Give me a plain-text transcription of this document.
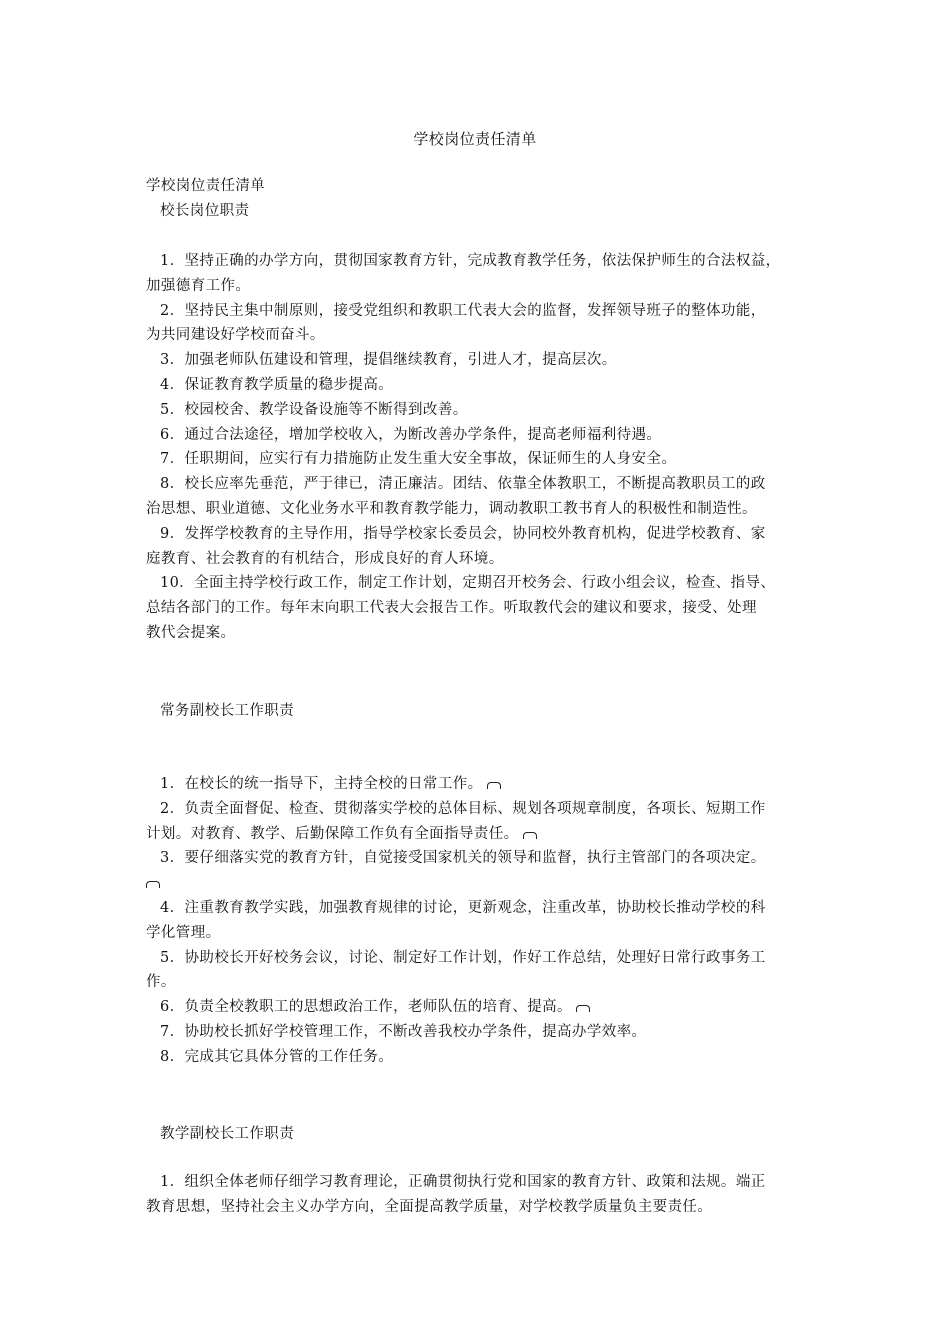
学校岗位责任清单
学校岗位责任清单
校长岗位职责
1．坚持正确的办学方向，贯彻国家教育方针，完成教育教学任务，依法保护师生的合法权益，
加强德育工作。
2．坚持民主集中制原则，接受党组织和教职工代表大会的监督，发挥领导班子的整体功能，
为共同建设好学校而奋斗。
3．加强老师队伍建设和管理，提倡继续教育，引进人才，提高层次。
4．保证教育教学质量的稳步提高。
5．校园校舍、教学设备设施等不断得到改善。
6．通过合法途径，增加学校收入，为断改善办学条件，提高老师福利待遇。
7．任职期间，应实行有力措施防止发生重大安全事故，保证师生的人身安全。
8．校长应率先垂范，严于律已，清正廉洁。团结、依靠全体教职工，不断提高教职员工的政
治思想、职业道德、文化业务水平和教育教学能力，调动教职工教书育人的积极性和制造性。
9．发挥学校教育的主导作用，指导学校家长委员会，协同校外教育机构，促进学校教育、家
庭教育、社会教育的有机结合，形成良好的育人环境。
10．全面主持学校行政工作，制定工作计划，定期召开校务会、行政小组会议，检查、指导、
总结各部门的工作。每年末向职工代表大会报告工作。听取教代会的建议和要求，接受、处理
教代会提案。
常务副校长工作职责
1．在校长的统一指导下，主持全校的日常工作。
2．负责全面督促、检查、贯彻落实学校的总体目标、规划各项规章制度，各项长、短期工作
计划。对教育、教学、后勤保障工作负有全面指导责任。
3．要仔细落实党的教育方针，自觉接受国家机关的领导和监督，执行主管部门的各项决定。
4．注重教育教学实践，加强教育规律的讨论，更新观念，注重改革，协助校长推动学校的科
学化管理。
5．协助校长开好校务会议，讨论、制定好工作计划，作好工作总结，处理好日常行政事务工
作。
6．负责全校教职工的思想政治工作，老师队伍的培育、提高。
7．协助校长抓好学校管理工作，不断改善我校办学条件，提高办学效率。
8．完成其它具体分管的工作任务。
教学副校长工作职责
1．组织全体老师仔细学习教育理论，正确贯彻执行党和国家的教育方针、政策和法规。端正
教育思想，坚持社会主义办学方向，全面提高教学质量，对学校教学质量负主要责任。
